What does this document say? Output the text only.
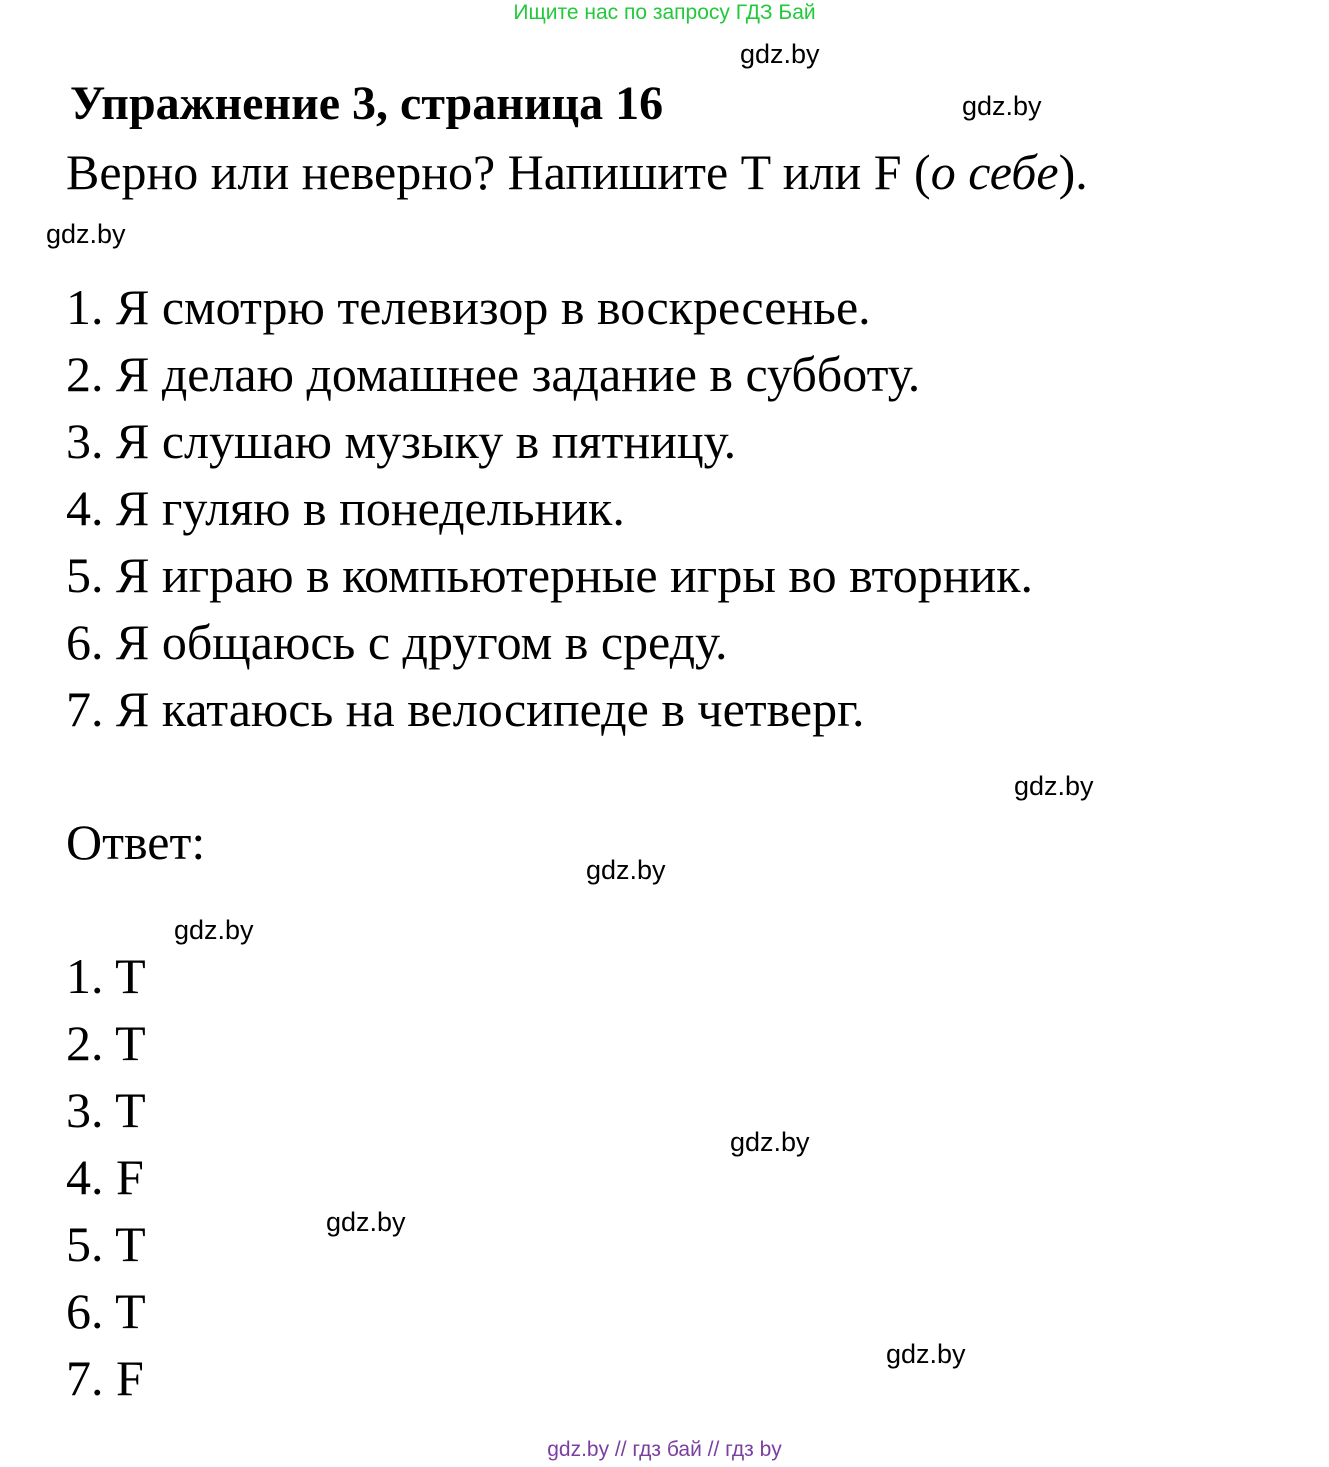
Ищите нас по запросу ГДЗ Бай
gdz.by
gdz.by
gdz.by
gdz.by
gdz.by
gdz.by
gdz.by
gdz.by
gdz.by
Упражнение 3, страница 16
Верно или неверно? Напишите T или F (о себе).
1. Я смотрю телевизор в воскресенье.
2. Я делаю домашнее задание в субботу.
3. Я слушаю музыку в пятницу.
4. Я гуляю в понедельник.
5. Я играю в компьютерные игры во вторник.
6. Я общаюсь с другом в среду.
7. Я катаюсь на велосипеде в четверг.
Ответ:
1. T
2. T
3. T
4. F
5. T
6. T
7. F
gdz.by // гдз бай // гдз by
